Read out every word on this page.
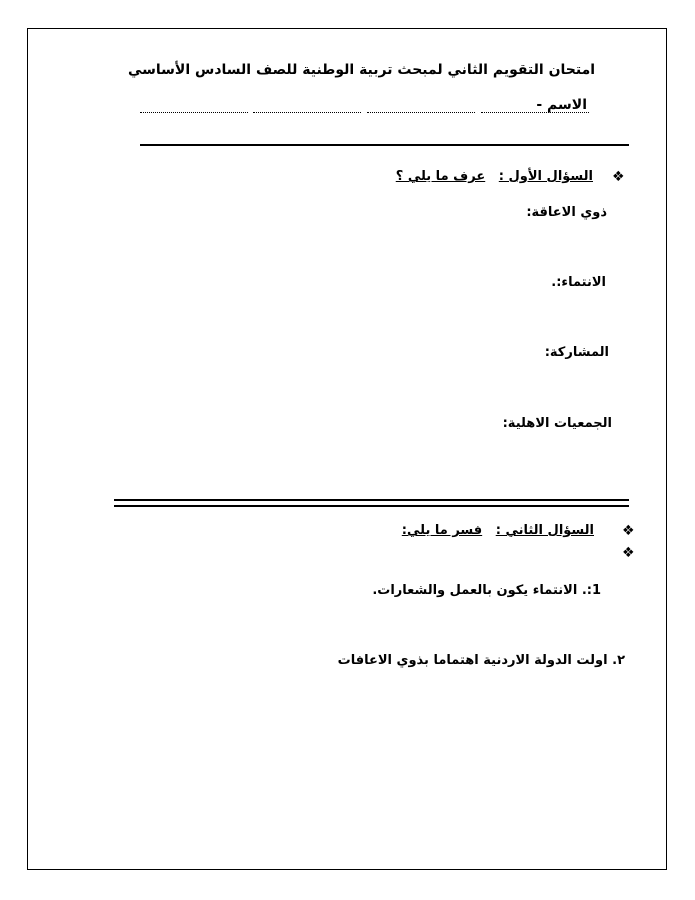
امتحان التقويم الثاني لمبحث تربية الوطنية للصف السادس الأساسي
الاسم -
❖
السؤال الأول :   عرف ما يلي ؟
ذوي الاعاقة:
الانتماء:.
المشاركة:
الجمعيات الاهلية:
❖
❖
السؤال الثاني :   فسر ما يلي:
1:. الانتماء يكون بالعمل والشعارات.
٢. اولت الدولة الاردنية اهتماما بذوي الاعافات
